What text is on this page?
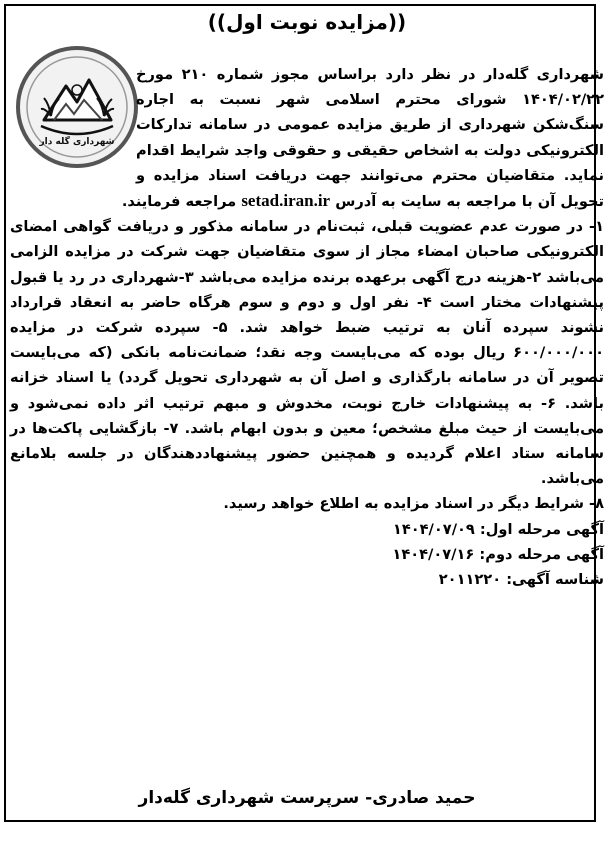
((مزایده نوبت اول))
شهرداری گله دار

شهرداری گله‌دار در نظر دارد براساس مجوز شماره ۲۱۰ مورخ ۱۴۰۴/۰۲/۲۲ شورای محترم اسلامی شهر نسبت به اجاره سنگ‌شکن شهرداری از طریق مزایده عمومی در سامانه تدارکات الکترونیکی دولت به اشخاص حقیقی و حقوقی واجد شرایط اقدام نماید. متقاضیان محترم می‌توانند جهت دریافت اسناد مزایده و تحویل آن با مراجعه به سایت به آدرس setad.iran.ir مراجعه فرمایند.

۱- در صورت عدم عضویت قبلی، ثبت‌نام در سامانه مذکور و دریافت گواهی امضای الکترونیکی صاحبان امضاء مجاز از سوی متقاضیان جهت شرکت در مزایده الزامی می‌باشد ۲-هزینه درج آگهی برعهده برنده مزایده می‌باشد ۳-شهرداری در رد یا قبول پیشنهادات مختار است ۴- نفر اول و دوم و سوم هرگاه حاضر به انعقاد قرارداد نشوند سپرده آنان به ترتیب ضبط خواهد شد. ۵- سپرده شرکت در مزایده ۶۰۰/۰۰۰/۰۰۰ ریال بوده که می‌بایست وجه نقد؛ ضمانت‌نامه بانکی (که می‌بایست تصویر آن در سامانه بارگذاری و اصل آن به شهرداری تحویل گردد) یا اسناد خزانه باشد. ۶- به پیشنهادات خارج نوبت، مخدوش و مبهم ترتیب اثر داده نمی‌شود و می‌بایست از حیث مبلغ مشخص؛ معین و بدون ابهام باشد. ۷- بازگشایی پاکت‌ها در سامانه ستاد اعلام گردیده و همچنین حضور پیشنهاددهندگان در جلسه بلامانع می‌باشد.

۸- شرایط دیگر در اسناد مزایده به اطلاع خواهد رسید.

آگهی مرحله اول: ۱۴۰۴/۰۷/۰۹

آگهی مرحله دوم: ۱۴۰۴/۰۷/۱۶

شناسه آگهی: ۲۰۱۱۲۲۰

حمید صادری- سرپرست شهرداری گله‌دار
